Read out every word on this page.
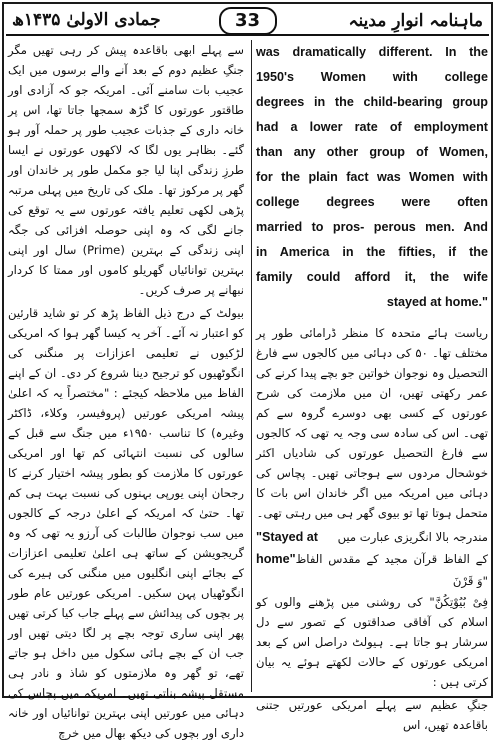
جمادی الاولیٰ ۱۴۳۵ھ	33	ماہنامہ انوارِ مدینہ

سے پہلے ابھی باقاعدہ پیش کر رہی تھیں مگر جنگِ عظیم دوم کے بعد آنے والے برسوں میں ایک عجیب بات سامنے آئی۔ امریکہ جو کہ آزادی اور طاقتور عورتوں کا گڑھ سمجھا جاتا تھا، اس پر خانہ داری کے جذبات عجیب طور پر حملہ آور ہو گئے۔ بظاہر یوں لگا کہ لاکھوں عورتوں نے ایسا طرزِ زندگی اپنا لیا جو مکمل طور پر خاندان اور گھر پر مرکوز تھا۔ ملک کی تاریخ میں پہلی مرتبہ پڑھی لکھی تعلیم یافتہ عورتوں سے یہ توقع کی جانے لگی کہ وہ اپنی حوصلہ افزائی کی جگہ اپنی زندگی کے بہترین (Prime) سال اور اپنی بہترین توانائیاں گھریلو کاموں اور ممتا کا کردار نبھانے پر صرف کریں۔

بیولٹ کے درج ذیل الفاظ پڑھ کر تو شاید قارئین کو اعتبار نہ آئے۔ آخر یہ کیسا گھر ہوا کہ امریکی لڑکیوں نے تعلیمی اعزازات پر منگنی کی انگوٹھیوں کو ترجیح دینا شروع کر دی۔ ان کے اپنے الفاظ میں ملاحظہ کیجئے : "مختصراً یہ کہ اعلیٰ پیشہ امریکی عورتیں (پروفیسر، وکلاء، ڈاکٹر وغیرہ) کا تناسب ۱۹۵۰ء میں جنگ سے قبل کے سالوں کی نسبت انتہائی کم تھا اور امریکی عورتوں کا ملازمت کو بطور پیشہ اختیار کرنے کا رجحان اپنی یورپی بہنوں کی نسبت بہت ہی کم تھا۔ حتیٰ کہ امریکہ کے اعلیٰ درجہ کے کالجوں میں سب نوجوان طالبات کی آرزو یہ تھی کہ وہ گریجویشن کے ساتھ ہی اعلیٰ تعلیمی اعزازات کے بجائے اپنی انگلیوں میں منگنی کی ہیرے کی انگوٹھیاں پہن سکیں۔ امریکی عورتیں عام طور پر بچوں کی پیدائش سے پہلے جاب کیا کرتی تھیں پھر اپنی ساری توجہ بچے پر لگا دیتی تھیں اور جب ان کے بچے ہائی سکول میں داخل ہو جاتے تھے، تو گھر وہ ملازمتوں کو شاذ و نادر ہی مستقل پیشہ بناتی تھیں۔ امریکہ میں پچاس کی دہائی میں عورتیں اپنی بہترین توانائیاں اور خانہ داری اور بچوں کی دیکھ بھال میں خرچ

was dramatically different. In the
1950's Women with college
degrees in the child-bearing group
had a lower rate of employment
than any other group of Women,
for the plain fact was Women with
college degrees were often
married to pros- perous men. And
in America in the fifties, if the
family could afford it, the wife
stayed at home."

ریاست ہائے متحدہ کا منظر ڈرامائی طور پر مختلف تھا۔ ۵۰ کی دہائی میں کالجوں سے فارغ التحصیل وہ نوجوان خواتین جو بچے پیدا کرنے کی عمر رکھتی تھیں، ان میں ملازمت کی شرح عورتوں کے کسی بھی دوسرے گروہ سے کم تھی۔ اس کی سادہ سی وجہ یہ تھی کہ کالجوں سے فارغ التحصیل عورتوں کی شادیاں اکثر خوشحال مردوں سے ہوجاتی تھیں۔ پچاس کی دہائی میں امریکہ میں اگر خاندان اس بات کا متحمل ہوتا تھا تو بیوی گھر ہی میں رہتی تھی۔

مندرجہ بالا انگریزی عبارت میں
"Stayed at
کے الفاظ قرآن مجید کے مقدس الفاظ "وَ قَرْنَ
home"

فِیْ بُیُوْتِکُنَّ" کی روشنی میں پڑھنے والوں کو اسلام کی آفاقی صداقتوں کے تصور سے دل سرشار ہو جاتا ہے۔ ہیولٹ دراصل اس کے بعد امریکی عورتوں کے حالات لکھتے ہوئے یہ بیان کرتی ہیں :

جنگِ عظیم سے پہلے امریکی عورتیں جتنی باقاعدہ تھیں، اس
